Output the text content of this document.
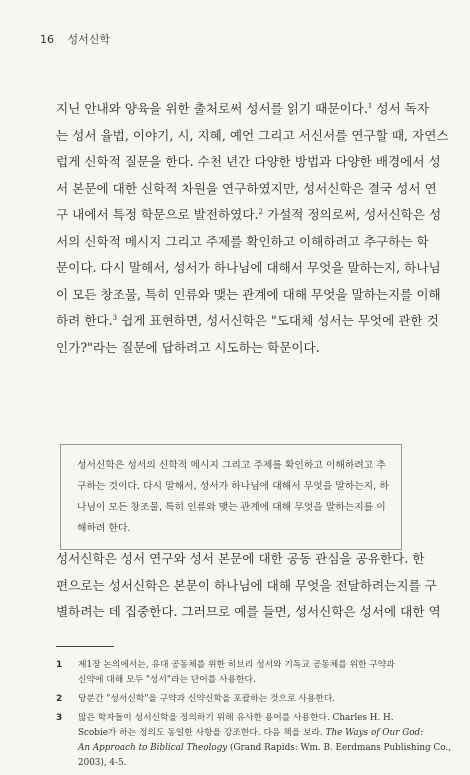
16 성서신학
지닌 안내와 양육을 위한 출처로써 성서를 읽기 때문이다.$^1$ 성서 독자
는 성서 율법, 이야기, 시, 지혜, 예언 그리고 서신서를 연구할 때, 자연스
럽게 신학적 질문을 한다. 수천 년간 다양한 방법과 다양한 배경에서 성
서 본문에 대한 신학적 차원을 연구하였지만, 성서신학은 결국 성서 연
구 내에서 특정 학문으로 발전하였다.$^2$ 가설적 정의로써, 성서신학은 성
서의 신학적 메시지 그리고 주제를 확인하고 이해하려고 추구하는 학
문이다. 다시 말해서, 성서가 하나님에 대해서 무엇을 말하는지, 하나님
이 모든 창조물, 특히 인류와 맺는 관계에 대해 무엇을 말하는지를 이해
하려 한다.$^3$ 쉽게 표현하면, 성서신학은 "도대체 성서는 무엇에 관한 것
인가?"라는 질문에 답하려고 시도하는 학문이다.
성서신학은 성서의 신학적 메시지 그리고 주제를 확인하고 이해하려고 추
구하는 것이다. 다시 말해서, 성서가 하나님에 대해서 무엇을 말하는지, 하
나님이 모든 창조물, 특히 인류와 맺는 관계에 대해 무엇을 말하는지를 이
해하려 한다.
성서신학은 성서 연구와 성서 본문에 대한 공동 관심을 공유한다. 한
편으로는 성서신학은 본문이 하나님에 대해 무엇을 전달하려는지를 구
별하려는 데 집중한다. 그러므로 예를 들면, 성서신학은 성서에 대한 역
1 제1장 논의에서는, 유대 공동체를 위한 히브리 성서와 기독교 공동체를 위한 구약과
신약에 대해 모두 "성서"라는 단어를 사용한다.
2 당분간 "성서신학"을 구약과 신약신학을 포괄하는 것으로 사용한다.
3 많은 학자들이 성서신학을 정의하기 위해 유사한 용어를 사용한다. Charles H. H.
Scobie가 하는 정의도 동일한 사항을 강조한다. 다음 책을 보라. The Ways of Our God:
An Approach to Biblical Theology (Grand Rapids: Wm. B. Eerdmans Publishing Co.,
2003), 4-5.
